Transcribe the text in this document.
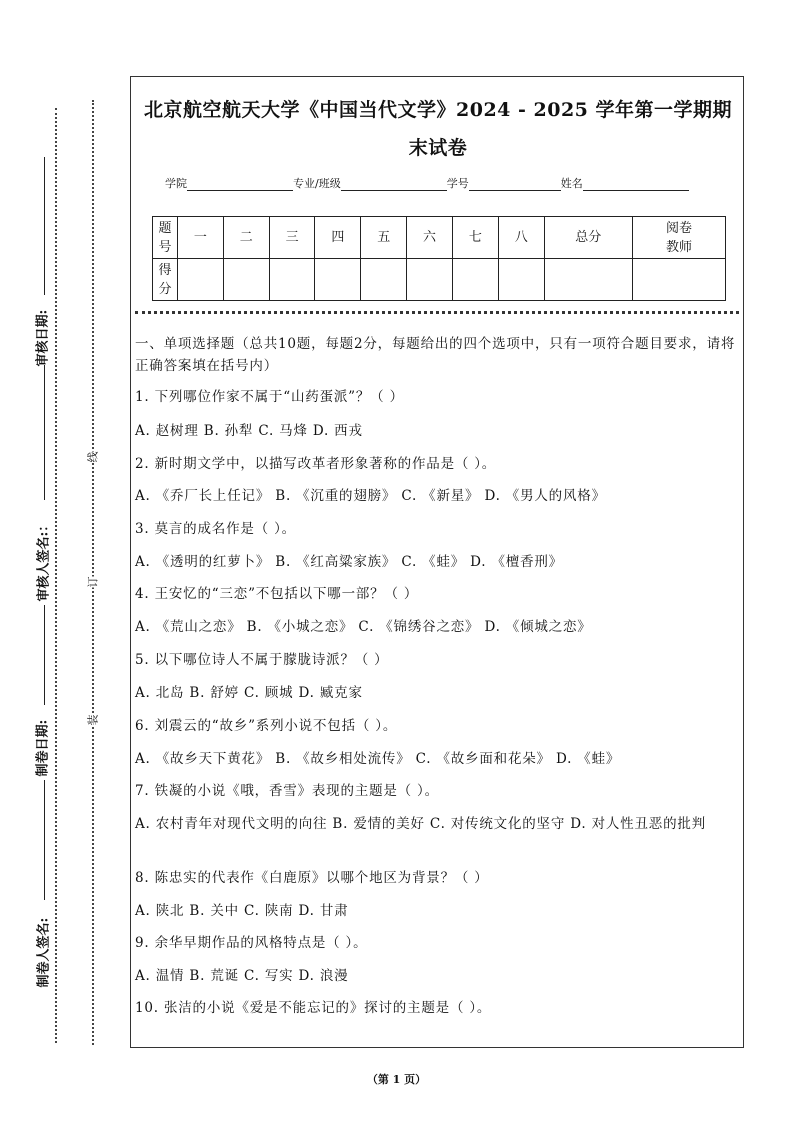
审核日期:
审核人签名:：
制卷日期:
制卷人签名:
线
订
装
北京航空航天大学《中国当代文学》2024 - 2025 学年第一学期期
末试卷
学院	专业/班级	学号	姓名
题
号	一	二	三	四	五	六	七	八	总分	阅卷
教师
得
分										
一、单项选择题（总共10题，每题2分，每题给出的四个选项中，只有一项符合题目要求，请将正确答案填在括号内）
1. 下列哪位作家不属于“山药蛋派”？（ ）
A. 赵树理 B. 孙犁 C. 马烽 D. 西戎
2. 新时期文学中，以描写改革者形象著称的作品是（ ）。
A. 《乔厂长上任记》 B. 《沉重的翅膀》 C. 《新星》 D. 《男人的风格》
3. 莫言的成名作是（ ）。
A. 《透明的红萝卜》 B. 《红高粱家族》 C. 《蛙》 D. 《檀香刑》
4. 王安忆的“三恋”不包括以下哪一部？（ ）
A. 《荒山之恋》 B. 《小城之恋》 C. 《锦绣谷之恋》 D. 《倾城之恋》
5. 以下哪位诗人不属于朦胧诗派？（ ）
A. 北岛 B. 舒婷 C. 顾城 D. 臧克家
6. 刘震云的“故乡”系列小说不包括（ ）。
A. 《故乡天下黄花》 B. 《故乡相处流传》 C. 《故乡面和花朵》 D. 《蛙》
7. 铁凝的小说《哦，香雪》表现的主题是（ ）。
A. 农村青年对现代文明的向往 B. 爱情的美好 C. 对传统文化的坚守 D. 对人性丑恶的批判
8. 陈忠实的代表作《白鹿原》以哪个地区为背景？（ ）
A. 陕北 B. 关中 C. 陕南 D. 甘肃
9. 余华早期作品的风格特点是（ ）。
A. 温情 B. 荒诞 C. 写实 D. 浪漫
10. 张洁的小说《爱是不能忘记的》探讨的主题是（ ）。
（第 1 页）
